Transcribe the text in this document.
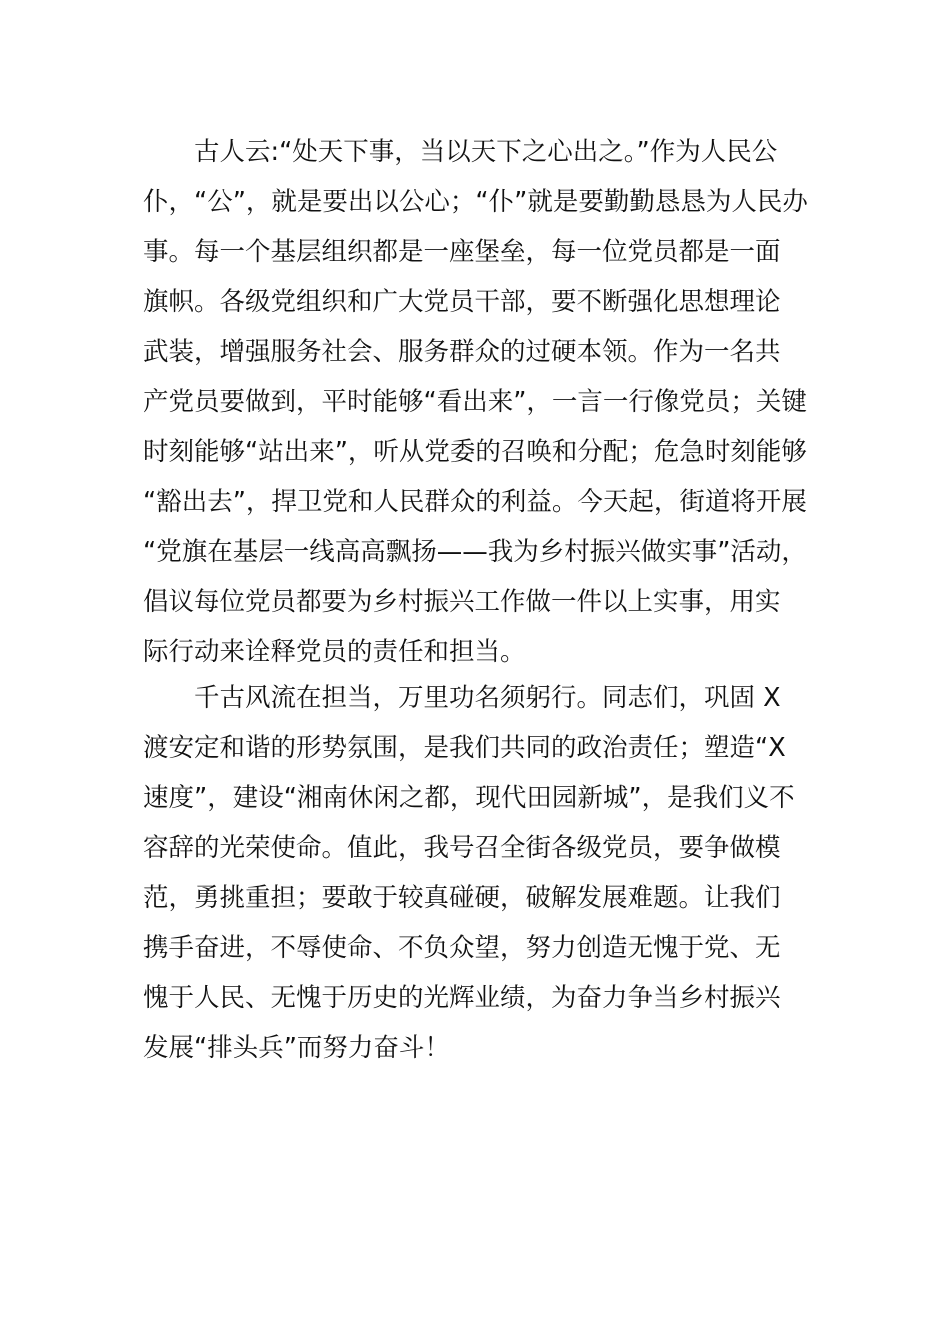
古人云:“处天下事，当以天下之心出之。”作为人民公
仆，“公”，就是要出以公心；“仆”就是要勤勤恳恳为人民办
事。每一个基层组织都是一座堡垒，每一位党员都是一面
旗帜。各级党组织和广大党员干部，要不断强化思想理论
武装，增强服务社会、服务群众的过硬本领。作为一名共
产党员要做到，平时能够“看出来”，一言一行像党员；关键
时刻能够“站出来”，听从党委的召唤和分配；危急时刻能够
“豁出去”，捍卫党和人民群众的利益。今天起，街道将开展
“党旗在基层一线高高飘扬——我为乡村振兴做实事”活动，
倡议每位党员都要为乡村振兴工作做一件以上实事，用实
际行动来诠释党员的责任和担当。
千古风流在担当，万里功名须躬行。同志们，巩固 X
渡安定和谐的形势氛围，是我们共同的政治责任；塑造“X
速度”，建设“湘南休闲之都，现代田园新城”，是我们义不
容辞的光荣使命。值此，我号召全街各级党员，要争做模
范，勇挑重担；要敢于较真碰硬，破解发展难题。让我们
携手奋进，不辱使命、不负众望，努力创造无愧于党、无
愧于人民、无愧于历史的光辉业绩，为奋力争当乡村振兴
发展“排头兵”而努力奋斗！
